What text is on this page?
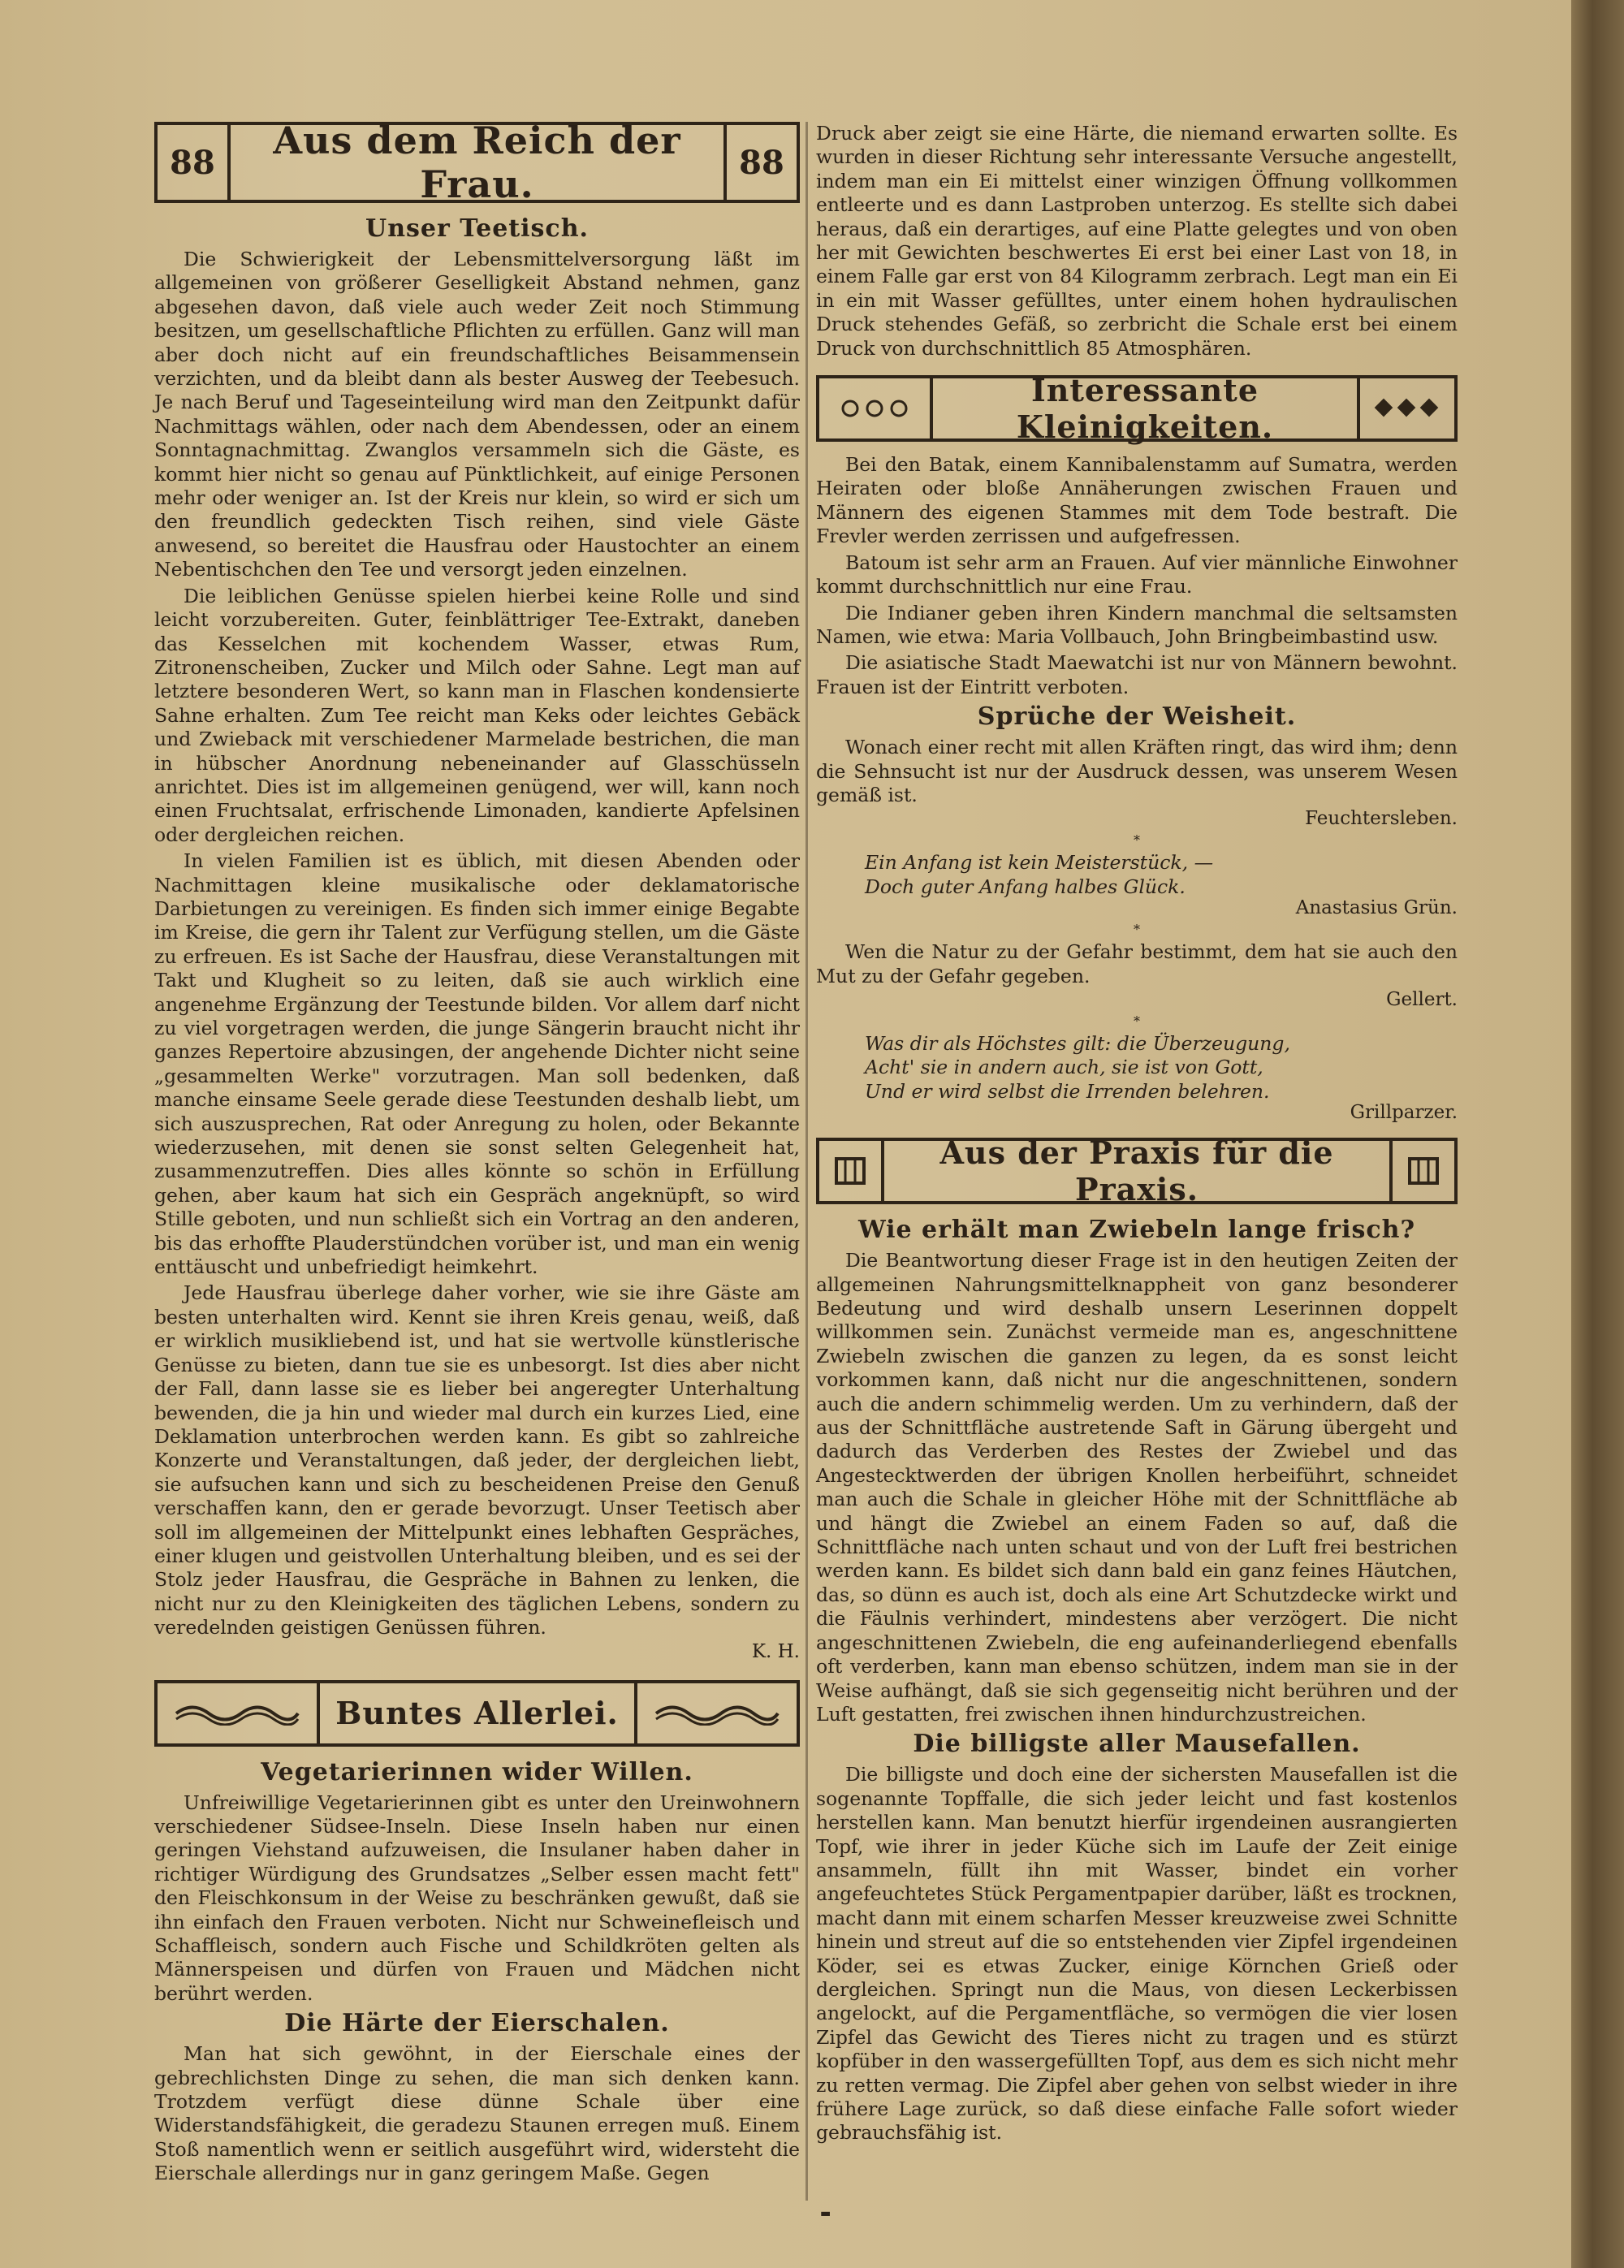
88	Aus dem Reich der Frau.	88
Unser Teetisch.

Die Schwierigkeit der Lebensmittelversorgung läßt im allgemeinen von größerer Geselligkeit Abstand nehmen, ganz abgesehen davon, daß viele auch weder Zeit noch Stimmung besitzen, um gesellschaftliche Pflichten zu erfüllen. Ganz will man aber doch nicht auf ein freundschaftliches Beisammensein verzichten, und da bleibt dann als bester Ausweg der Teebesuch. Je nach Beruf und Tageseinteilung wird man den Zeitpunkt dafür Nachmittags wählen, oder nach dem Abendessen, oder an einem Sonntagnachmittag. Zwanglos versammeln sich die Gäste, es kommt hier nicht so genau auf Pünktlichkeit, auf einige Personen mehr oder weniger an. Ist der Kreis nur klein, so wird er sich um den freundlich gedeckten Tisch reihen, sind viele Gäste anwesend, so bereitet die Hausfrau oder Haustochter an einem Nebentischchen den Tee und versorgt jeden einzelnen.

Die leiblichen Genüsse spielen hierbei keine Rolle und sind leicht vorzubereiten. Guter, feinblättriger Tee-Extrakt, daneben das Kesselchen mit kochendem Wasser, etwas Rum, Zitronenscheiben, Zucker und Milch oder Sahne. Legt man auf letztere besonderen Wert, so kann man in Flaschen kondensierte Sahne erhalten. Zum Tee reicht man Keks oder leichtes Gebäck und Zwieback mit verschiedener Marmelade bestrichen, die man in hübscher Anordnung nebeneinander auf Glasschüsseln anrichtet. Dies ist im allgemeinen genügend, wer will, kann noch einen Fruchtsalat, erfrischende Limonaden, kandierte Apfelsinen oder dergleichen reichen.

In vielen Familien ist es üblich, mit diesen Abenden oder Nachmittagen kleine musikalische oder deklamatorische Darbietungen zu vereinigen. Es finden sich immer einige Begabte im Kreise, die gern ihr Talent zur Verfügung stellen, um die Gäste zu erfreuen. Es ist Sache der Hausfrau, diese Veranstaltungen mit Takt und Klugheit so zu leiten, daß sie auch wirklich eine angenehme Ergänzung der Teestunde bilden. Vor allem darf nicht zu viel vorgetragen werden, die junge Sängerin braucht nicht ihr ganzes Repertoire abzusingen, der angehende Dichter nicht seine „gesammelten Werke" vorzutragen. Man soll bedenken, daß manche einsame Seele gerade diese Teestunden deshalb liebt, um sich auszusprechen, Rat oder Anregung zu holen, oder Bekannte wiederzusehen, mit denen sie sonst selten Gelegenheit hat, zusammenzutreffen. Dies alles könnte so schön in Erfüllung gehen, aber kaum hat sich ein Gespräch angeknüpft, so wird Stille geboten, und nun schließt sich ein Vortrag an den anderen, bis das erhoffte Plauderstündchen vorüber ist, und man ein wenig enttäuscht und unbefriedigt heimkehrt.

Jede Hausfrau überlege daher vorher, wie sie ihre Gäste am besten unterhalten wird. Kennt sie ihren Kreis genau, weiß, daß er wirklich musikliebend ist, und hat sie wertvolle künstlerische Genüsse zu bieten, dann tue sie es unbesorgt. Ist dies aber nicht der Fall, dann lasse sie es lieber bei angeregter Unterhaltung bewenden, die ja hin und wieder mal durch ein kurzes Lied, eine Deklamation unterbrochen werden kann. Es gibt so zahlreiche Konzerte und Veranstaltungen, daß jeder, der dergleichen liebt, sie aufsuchen kann und sich zu bescheidenen Preise den Genuß verschaffen kann, den er gerade bevorzugt. Unser Teetisch aber soll im allgemeinen der Mittelpunkt eines lebhaften Gespräches, einer klugen und geistvollen Unterhaltung bleiben, und es sei der Stolz jeder Hausfrau, die Gespräche in Bahnen zu lenken, die nicht nur zu den Kleinigkeiten des täglichen Lebens, sondern zu veredelnden geistigen Genüssen führen.

K. H.
Buntes Allerlei.
Vegetarierinnen wider Willen.

Unfreiwillige Vegetarierinnen gibt es unter den Ureinwohnern verschiedener Südsee-Inseln. Diese Inseln haben nur einen geringen Viehstand aufzuweisen, die Insulaner haben daher in richtiger Würdigung des Grundsatzes „Selber essen macht fett" den Fleischkonsum in der Weise zu beschränken gewußt, daß sie ihn einfach den Frauen verboten. Nicht nur Schweinefleisch und Schaffleisch, sondern auch Fische und Schildkröten gelten als Männerspeisen und dürfen von Frauen und Mädchen nicht berührt werden.

Die Härte der Eierschalen.

Man hat sich gewöhnt, in der Eierschale eines der gebrechlichsten Dinge zu sehen, die man sich denken kann. Trotzdem verfügt diese dünne Schale über eine Widerstandsfähigkeit, die geradezu Staunen erregen muß. Einem Stoß namentlich wenn er seitlich ausgeführt wird, widersteht die Eierschale allerdings nur in ganz geringem Maße. Gegen

Druck aber zeigt sie eine Härte, die niemand erwarten sollte. Es wurden in dieser Richtung sehr interessante Versuche angestellt, indem man ein Ei mittelst einer winzigen Öffnung vollkommen entleerte und es dann Lastproben unterzog. Es stellte sich dabei heraus, daß ein derartiges, auf eine Platte gelegtes und von oben her mit Gewichten beschwertes Ei erst bei einer Last von 18, in einem Falle gar erst von 84 Kilogramm zerbrach. Legt man ein Ei in ein mit Wasser gefülltes, unter einem hohen hydraulischen Druck stehendes Gefäß, so zerbricht die Schale erst bei einem Druck von durchschnittlich 85 Atmosphären.

Interessante Kleinigkeiten.

Bei den Batak, einem Kannibalenstamm auf Sumatra, werden Heiraten oder bloße Annäherungen zwischen Frauen und Männern des eigenen Stammes mit dem Tode bestraft. Die Frevler werden zerrissen und aufgefressen.

Batoum ist sehr arm an Frauen. Auf vier männliche Einwohner kommt durchschnittlich nur eine Frau.

Die Indianer geben ihren Kindern manchmal die seltsamsten Namen, wie etwa: Maria Vollbauch, John Bringbeimbastind usw.

Die asiatische Stadt Maewatchi ist nur von Männern bewohnt. Frauen ist der Eintritt verboten.

Sprüche der Weisheit.

Wonach einer recht mit allen Kräften ringt, das wird ihm; denn die Sehnsucht ist nur der Ausdruck dessen, was unserem Wesen gemäß ist.

Feuchtersleben.
*
Ein Anfang ist kein Meisterstück, —
Doch guter Anfang halbes Glück.
Anastasius Grün.
*

Wen die Natur zu der Gefahr bestimmt, dem hat sie auch den Mut zu der Gefahr gegeben.

Gellert.
*
Was dir als Höchstes gilt: die Überzeugung,
Acht' sie in andern auch, sie ist von Gott,
Und er wird selbst die Irrenden belehren.
Grillparzer.
Aus der Praxis für die Praxis.
Wie erhält man Zwiebeln lange frisch?

Die Beantwortung dieser Frage ist in den heutigen Zeiten der allgemeinen Nahrungsmittelknappheit von ganz besonderer Bedeutung und wird deshalb unsern Leserinnen doppelt willkommen sein. Zunächst vermeide man es, angeschnittene Zwiebeln zwischen die ganzen zu legen, da es sonst leicht vorkommen kann, daß nicht nur die angeschnittenen, sondern auch die andern schimmelig werden. Um zu verhindern, daß der aus der Schnittfläche austretende Saft in Gärung übergeht und dadurch das Verderben des Restes der Zwiebel und das Angestecktwerden der übrigen Knollen herbeiführt, schneidet man auch die Schale in gleicher Höhe mit der Schnittfläche ab und hängt die Zwiebel an einem Faden so auf, daß die Schnittfläche nach unten schaut und von der Luft frei bestrichen werden kann. Es bildet sich dann bald ein ganz feines Häutchen, das, so dünn es auch ist, doch als eine Art Schutzdecke wirkt und die Fäulnis verhindert, mindestens aber verzögert. Die nicht angeschnittenen Zwiebeln, die eng aufeinanderliegend ebenfalls oft verderben, kann man ebenso schützen, indem man sie in der Weise aufhängt, daß sie sich gegenseitig nicht berühren und der Luft gestatten, frei zwischen ihnen hindurchzustreichen.

Die billigste aller Mausefallen.

Die billigste und doch eine der sichersten Mausefallen ist die sogenannte Topffalle, die sich jeder leicht und fast kostenlos herstellen kann. Man benutzt hierfür irgendeinen ausrangierten Topf, wie ihrer in jeder Küche sich im Laufe der Zeit einige ansammeln, füllt ihn mit Wasser, bindet ein vorher angefeuchtetes Stück Pergamentpapier darüber, läßt es trocknen, macht dann mit einem scharfen Messer kreuzweise zwei Schnitte hinein und streut auf die so entstehenden vier Zipfel irgendeinen Köder, sei es etwas Zucker, einige Körnchen Grieß oder dergleichen. Springt nun die Maus, von diesen Leckerbissen angelockt, auf die Pergamentfläche, so vermögen die vier losen Zipfel das Gewicht des Tieres nicht zu tragen und es stürzt kopfüber in den wassergefüllten Topf, aus dem es sich nicht mehr zu retten vermag. Die Zipfel aber gehen von selbst wieder in ihre frühere Lage zurück, so daß diese einfache Falle sofort wieder gebrauchsfähig ist.

▬
